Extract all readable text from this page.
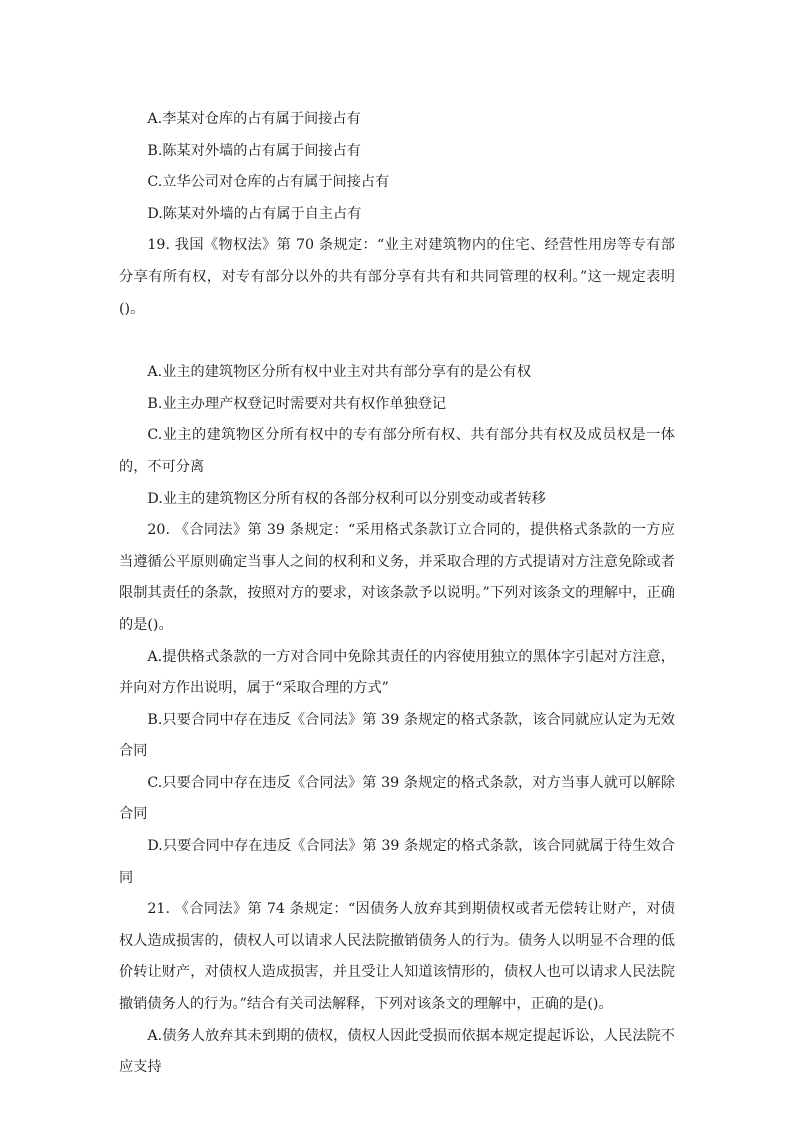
A.李某对仓库的占有属于间接占有

B.陈某对外墙的占有属于间接占有

C.立华公司对仓库的占有属于间接占有

D.陈某对外墙的占有属于自主占有

19. 我国《物权法》第 70 条规定：“业主对建筑物内的住宅、经营性用房等专有部分享有所有权，对专有部分以外的共有部分享有共有和共同管理的权利。”这一规定表明()。

A.业主的建筑物区分所有权中业主对共有部分享有的是公有权

B.业主办理产权登记时需要对共有权作单独登记

C.业主的建筑物区分所有权中的专有部分所有权、共有部分共有权及成员权是一体的，不可分离

D.业主的建筑物区分所有权的各部分权利可以分别变动或者转移

20. 《合同法》第 39 条规定：“采用格式条款订立合同的，提供格式条款的一方应当遵循公平原则确定当事人之间的权利和义务，并采取合理的方式提请对方注意免除或者限制其责任的条款，按照对方的要求，对该条款予以说明。”下列对该条文的理解中，正确的是()。

A.提供格式条款的一方对合同中免除其责任的内容使用独立的黑体字引起对方注意，并向对方作出说明，属于“采取合理的方式”

B.只要合同中存在违反《合同法》第 39 条规定的格式条款，该合同就应认定为无效合同

C.只要合同中存在违反《合同法》第 39 条规定的格式条款，对方当事人就可以解除合同

D.只要合同中存在违反《合同法》第 39 条规定的格式条款，该合同就属于待生效合同

21. 《合同法》第 74 条规定：“因债务人放弃其到期债权或者无偿转让财产，对债权人造成损害的，债权人可以请求人民法院撤销债务人的行为。债务人以明显不合理的低价转让财产，对债权人造成损害，并且受让人知道该情形的，债权人也可以请求人民法院撤销债务人的行为。”结合有关司法解释，下列对该条文的理解中，正确的是()。

A.债务人放弃其未到期的债权，债权人因此受损而依据本规定提起诉讼，人民法院不应支持
